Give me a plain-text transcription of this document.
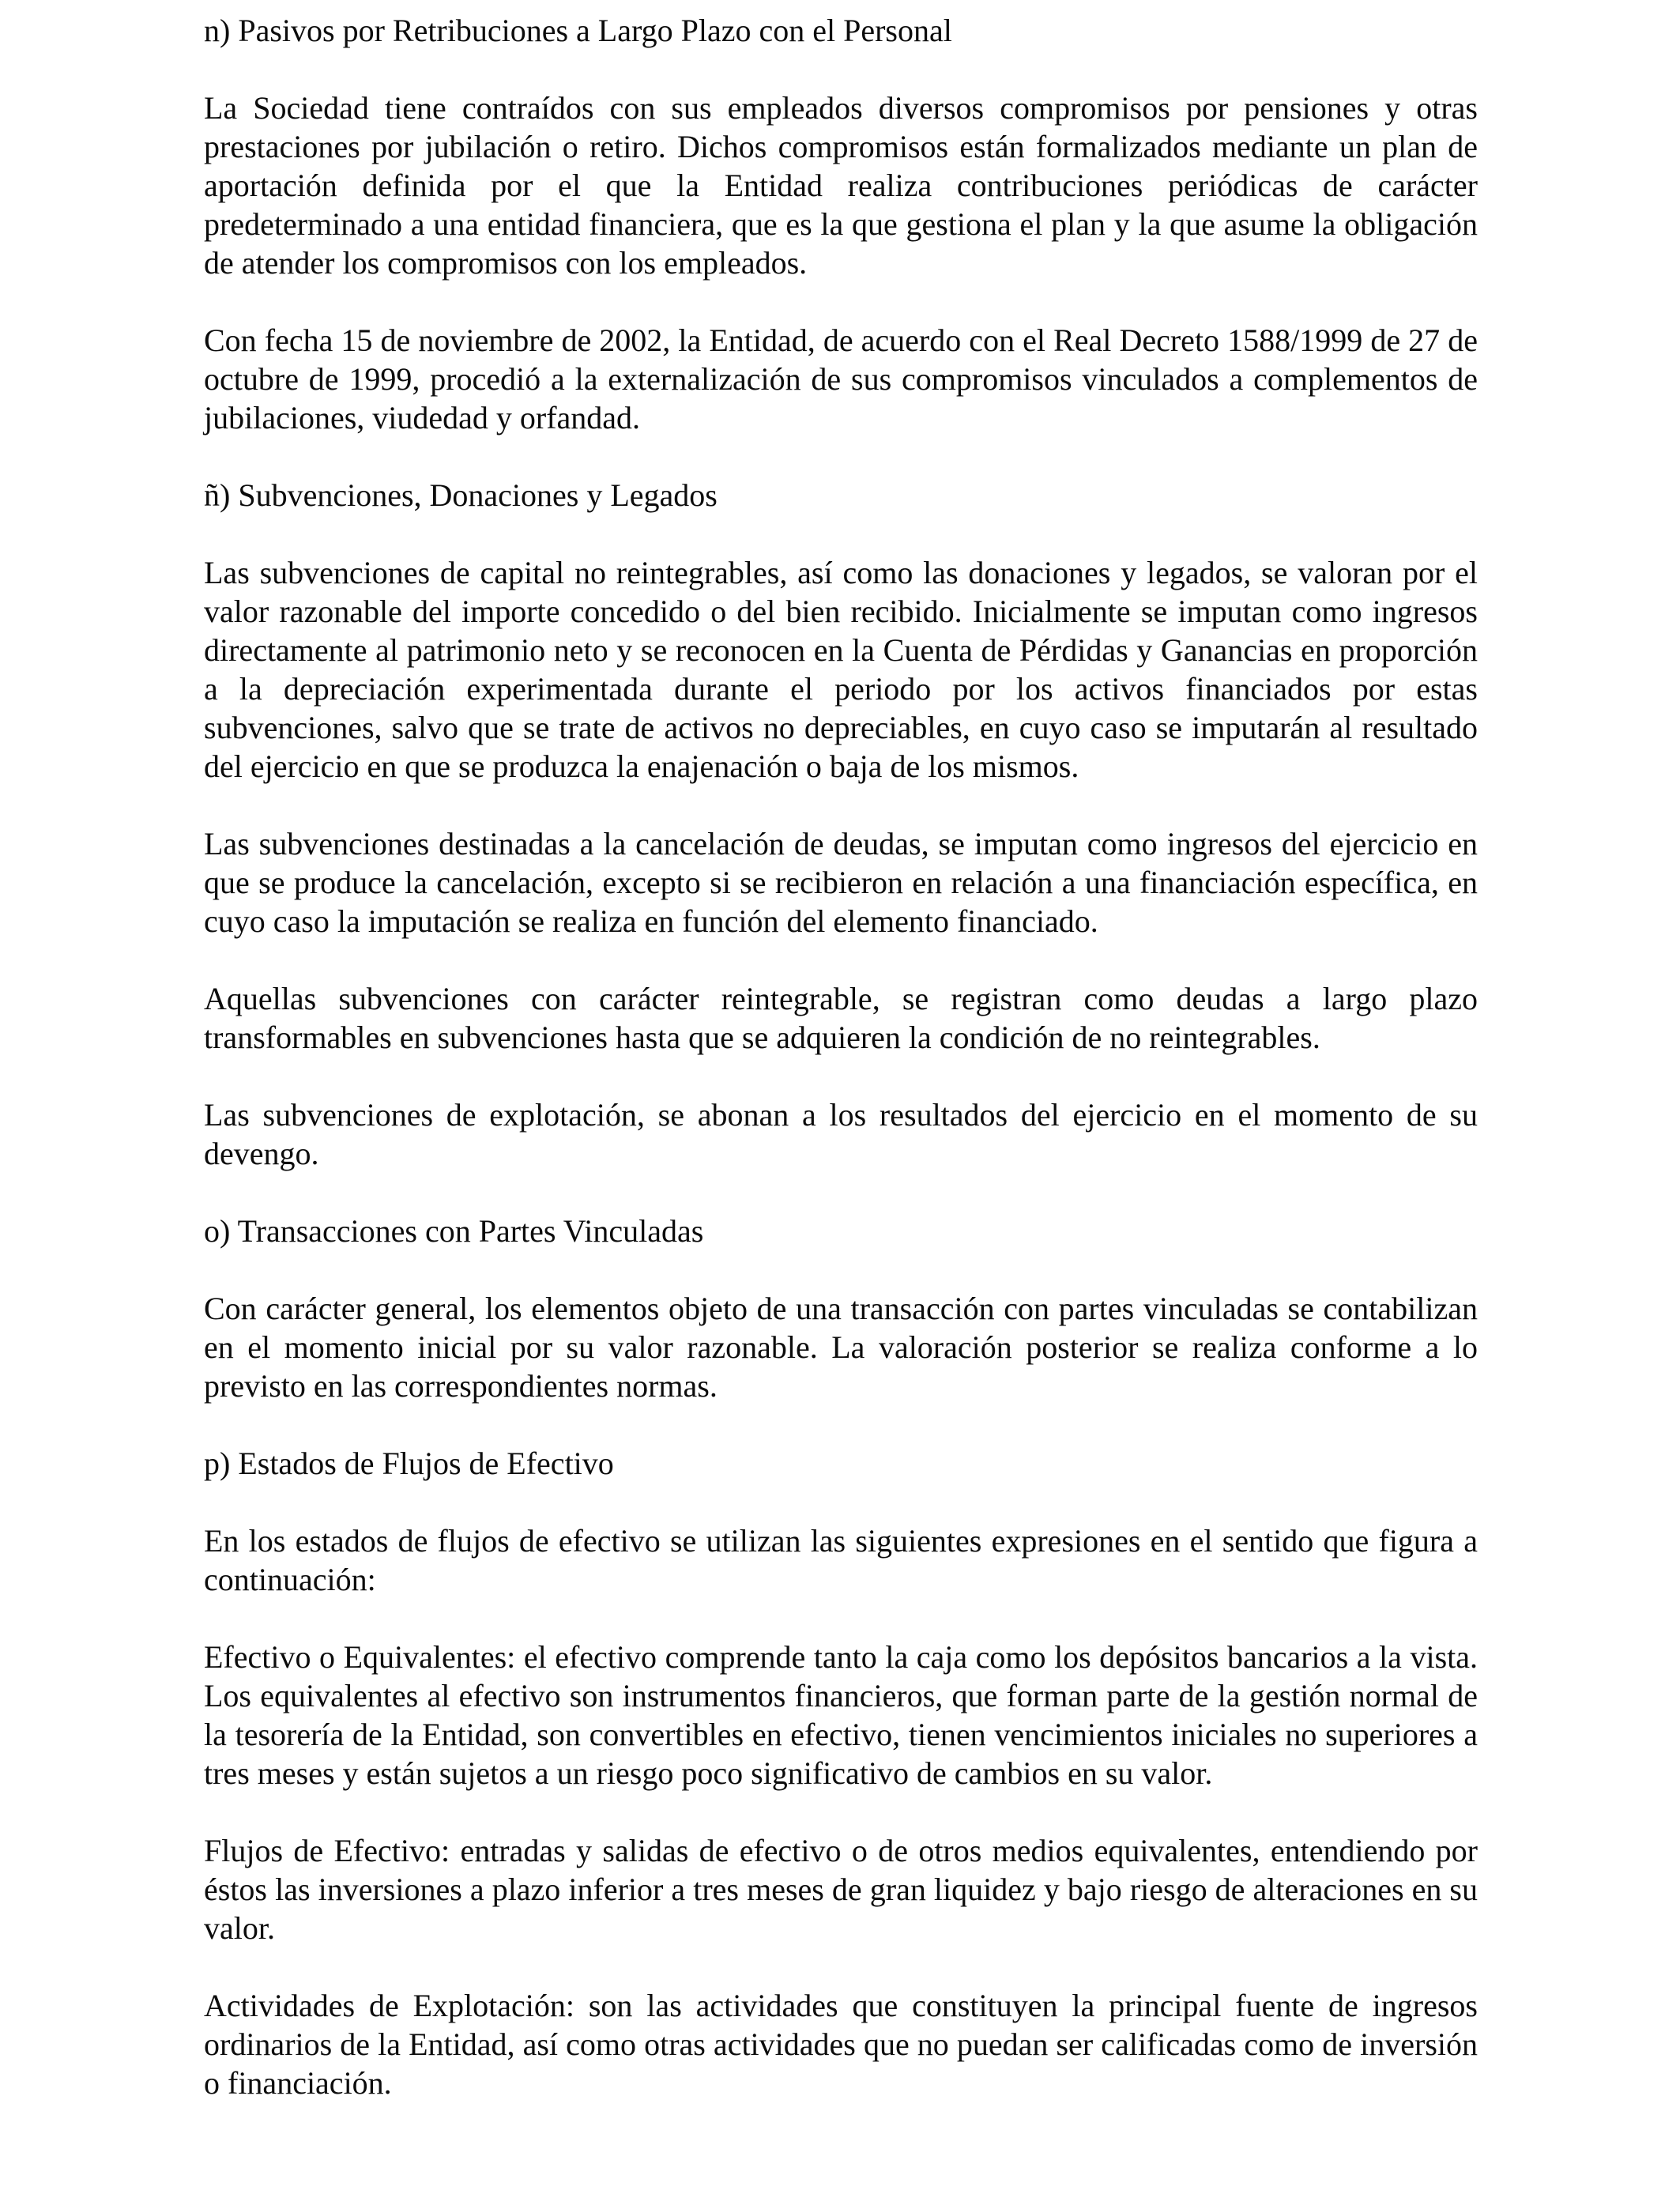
n) Pasivos por Retribuciones a Largo Plazo con el Personal

La Sociedad tiene contraídos con sus empleados diversos compromisos por pensiones y otras prestaciones por jubilación o retiro. Dichos compromisos están formalizados mediante un plan de aportación definida por el que la Entidad realiza contribuciones periódicas de carácter predeterminado a una entidad financiera, que es la que gestiona el plan y la que asume la obligación de atender los compromisos con los empleados.

Con fecha 15 de noviembre de 2002, la Entidad, de acuerdo con el Real Decreto 1588/1999 de 27 de octubre de 1999, procedió a la externalización de sus compromisos vinculados a complementos de jubilaciones, viudedad y orfandad.

ñ) Subvenciones, Donaciones y Legados

Las subvenciones de capital no reintegrables, así como las donaciones y legados, se valoran por el valor razonable del importe concedido o del bien recibido. Inicialmente se imputan como ingresos directamente al patrimonio neto y se reconocen en la Cuenta de Pérdidas y Ganancias en proporción a la depreciación experimentada durante el periodo por los activos financiados por estas subvenciones, salvo que se trate de activos no depreciables, en cuyo caso se imputarán al resultado del ejercicio en que se produzca la enajenación o baja de los mismos.

Las subvenciones destinadas a la cancelación de deudas, se imputan como ingresos del ejercicio en que se produce la cancelación, excepto si se recibieron en relación a una financiación específica, en cuyo caso la imputación se realiza en función del elemento financiado.

Aquellas subvenciones con carácter reintegrable, se registran como deudas a largo plazo transformables en subvenciones hasta que se adquieren la condición de no reintegrables.

Las subvenciones de explotación, se abonan a los resultados del ejercicio en el momento de su devengo.

o) Transacciones con Partes Vinculadas

Con carácter general, los elementos objeto de una transacción con partes vinculadas se contabilizan en el momento inicial por su valor razonable. La valoración posterior se realiza conforme a lo previsto en las correspondientes normas.

p) Estados de Flujos de Efectivo

En los estados de flujos de efectivo se utilizan las siguientes expresiones en el sentido que figura a continuación:

Efectivo o Equivalentes: el efectivo comprende tanto la caja como los depósitos bancarios a la vista. Los equivalentes al efectivo son instrumentos financieros, que forman parte de la gestión normal de la tesorería de la Entidad, son convertibles en efectivo, tienen vencimientos iniciales no superiores a tres meses y están sujetos a un riesgo poco significativo de cambios en su valor.

Flujos de Efectivo: entradas y salidas de efectivo o de otros medios equivalentes, entendiendo por éstos las inversiones a plazo inferior a tres meses de gran liquidez y bajo riesgo de alteraciones en su valor.

Actividades de Explotación: son las actividades que constituyen la principal fuente de ingresos ordinarios de la Entidad, así como otras actividades que no puedan ser calificadas como de inversión o financiación.
